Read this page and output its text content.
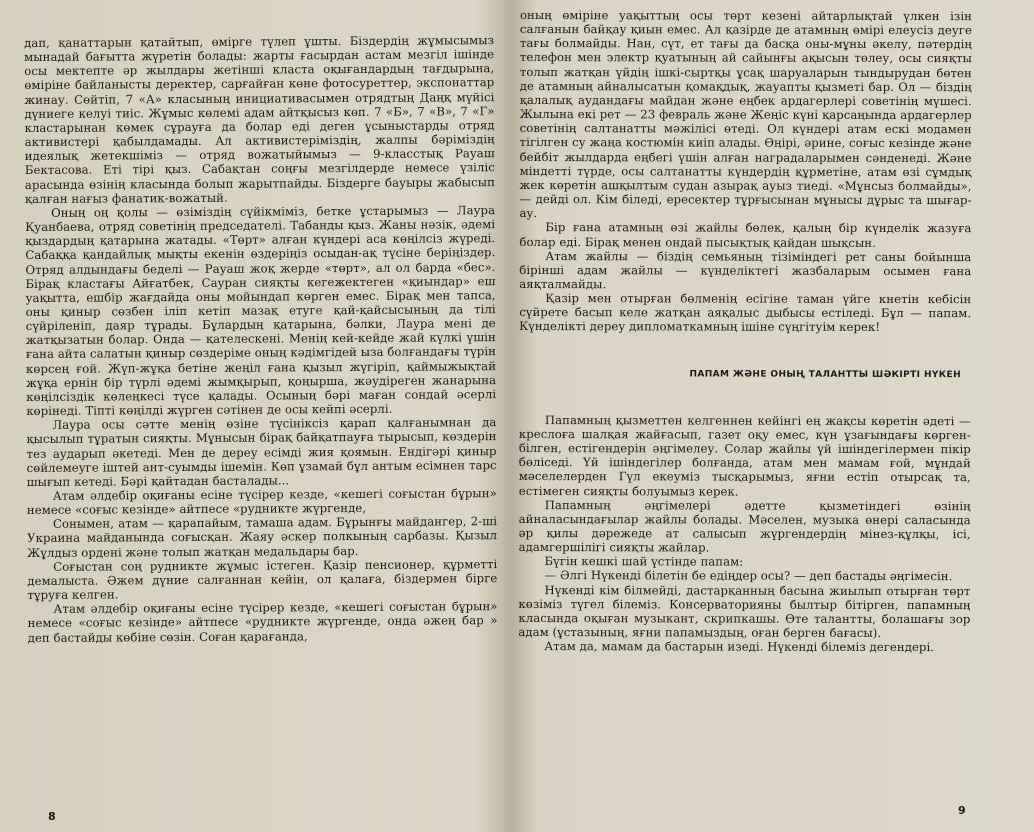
дап, қанаттарын қатайтып, өмірге түлеп ұшты. Біздердің жұмысымыз мынадай бағытта жүретін болады: жарты ғасырдан астам мезгіл ішінде осы мектепте әр жылдары жетінші класта оқығандардың тағдырына, өміріне байланысты деректер, сарғайған көне фотосуреттер, экспонаттар жинау. Сөйтіп, 7 «А» класының инициативасымен отрядтың Даңқ мүйісі дүниеге келуі тиіс. Жұмыс көлемі адам айтқысыз көп. 7 «Б», 7 «В», 7 «Г» кластарынан көмек сұрауға да болар еді деген ұсыныстарды отряд активистері қабылдамады. Ал активистеріміздің, жалпы бәріміздің идеялық жетекшіміз — отряд вожатыйымыз — 9-класстық Рауаш Бектасова. Еті тірі қыз. Сабақтан соңғы мезгілдерде немесе үзіліс арасында өзінің класында болып жарытпайды. Біздерге бауыры жабысып қалған нағыз фанатик-вожатый.

Оның оң қолы — өзіміздің сүйікміміз, бетке ұстарымыз — Лаура Қуанбаева, отряд советінің председателі. Табанды қыз. Жаны нәзік, әдемі қыздардың қатарына жатады. «Төрт» алған күндері аса көңілсіз жүреді. Сабаққа қандайлық мықты екенін өздеріңіз осыдан-ақ түсіне беріңіздер. Отряд алдындағы беделі — Рауаш жоқ жерде «төрт», ал ол барда «бес». Бірақ кластағы Айғатбек, Сауран сияқты кегежектеген «қиындар» еш уақытта, ешбір жағдайда оны мойындап көрген емес. Бірақ мен тапса, оны қиныр сөзбен іліп кетіп мазақ етуге қай-қайсысының да тілі сүйріленіп, даяр тұрады. Бұлардың қатарына, бәлки, Лаура мені де жатқызатын болар. Онда — қателескені. Менің кей-кейде жай күлкі үшін ғана айта салатын қиныр сөздеріме оның кәдімгідей ыза болғандағы түрін көрсең ғой. Жүп-жұқа бетіне жеңіл ғана қызыл жүгіріп, қаймыжықтай жұқа ернін бір түрлі әдемі жымқырып, қоңырша, жәудіреген жанарына көңілсіздік көлеңкесі түсе қалады. Осының бәрі маған сондай әсерлі көрінеді. Тіпті көңілді жүрген сәтінен де осы кейпі әсерлі.

Лаура осы сәтте менің өзіне түсініксіз қарап қалғанымнан да қысылып тұратын сияқты. Мұнысын бірақ байқатпауға тырысып, көздерін тез аударып әкетеді. Мен де дереу есімді жия қоямын. Ендігәрі қиныр сөйлемеуге іштей ант-суымды ішемін. Көп ұзамай бұл антым есімнен тарс шығып кетеді. Бәрі қайтадан басталады...

Атам әлдебір оқиғаны есіне түсірер кезде, «кешегі соғыстан бұрын» немесе «соғыс кезінде» айтпесе «рудникте жүргенде,

Сонымен, атам — қарапайым, тамаша адам. Бұрынғы майдангер, 2-ші Украина майданында соғысқан. Жаяу әскер полкының сарбазы. Қызыл Жұлдыз ордені және толып жатқан медальдары бар.

Соғыстан соң рудникте жұмыс істеген. Қазір пенсионер, құрметті демалыста. Әжем дүние салғаннан кейін, ол қалаға, біздермен бірге тұруға келген.

Атам әлдебір оқиғаны есіне түсірер кезде, «кешегі соғыстан бұрын» немесе «соғыс кезінде» айтпесе «рудникте жүргенде, онда әжең бар » деп бастайды көбіне сөзін. Соған қарағанда,

8

оның өміріне уақыттың осы төрт кезені айтарлықтай үлкен ізін салғанын байқау қиын емес. Ал қазірде де атамның өмірі елеусіз деуге тағы болмайды. Нан, сүт, ет тағы да басқа оны-мұны әкелу, пәтердің телефон мен электр қуатының ай сайынғы ақысын төлеу, осы сияқты толып жатқан үйдің ішкі-сыртқы ұсақ шаруаларын тындырудан бөтен де атамның айналысатын қомақдық, жауапты қызметі бар. Ол — біздің қалалық аудандағы майдан және еңбек ардагерлері советінің мүшесі. Жылына екі рет — 23 февраль және Жеңіс күні қарсаңында ардагерлер советінің салтанатты мәжілісі өтеді. Ол күндері атам ескі модамен тігілген су жаңа костюмін киіп алады. Өңірі, әрине, соғыс кезінде және бейбіт жылдарда еңбегі үшін алған наградаларымен сәнденеді. Және міндетті түрде, осы салтанатты күндердің құрметіне, атам өзі сұмдық жек көретін ашқылтым судан азырақ ауыз тиеді. «Мұнсыз болмайды»,— дейді ол. Кім біледі, ересектер тұрғысынан мұнысы дұрыс та шығар-ау.

Бір ғана атамның өзі жайлы бөлек, қалың бір күнделік жазуға болар еді. Бірақ менен ондай пысықтық қайдан шықсын.

Атам жайлы — біздің семьяның тізіміндегі рет саны бойынша бірінші адам жайлы — күнделіктегі жазбаларым осымен ғана аяқталмайды.

Қазір мен отырған бөлменің есігіне таман үйге кнетін кебісін сүйрете басып келе жатқан аяқалыс дыбысы естіледі. Бұл — папам. Күнделікті дереу дипломаткамның ішіне сүңгітуім керек!

ПАПАМ ЖӘНЕ ОНЫҢ ТАЛАНТТЫ ШӘКІРТІ НҮКЕН

Папамның қызметтен келгеннен кейінгі ең жақсы көретін әдеті — креслоға шалқая жайғасып, газет оқу емес, күн ұзағындағы көрген-білген, естігендерін әңгімелеу. Солар жайлы үй ішіндегілермен пікір бөліседі. Үй ішіндегілер болғанда, атам мен мамам ғой, мұндай мәселелерден Гүл екеуміз тысқарымыз, яғни естіп отырсақ та, естімеген сияқты болуымыз керек.

Папамның әңгімелері әдетте қызметіндегі өзінің айналасындағылар жайлы болады. Мәселен, музыка өнері саласында әр қилы дәрежеде ат салысып жүргендердің мінез-құлқы, ісі, адамгершілігі сияқты жайлар.

Бүгін кешкі шай үстінде папам:

— Әлгі Нүкенді білетін бе едіңдер осы? — деп бастады әңгімесін.

Нүкенді кім білмейді, дастарқанның басына жиылып отырған төрт көзіміз түгел білеміз. Консерваторияны былтыр бітірген, папамның класында оқыған музыкант, скрипкашы. Өте талантты, болашағы зор адам (ұстазының, яғни папамыздың, оған берген бағасы).

Атам да, мамам да бастарын изеді. Нүкенді білеміз дегендері.

9
